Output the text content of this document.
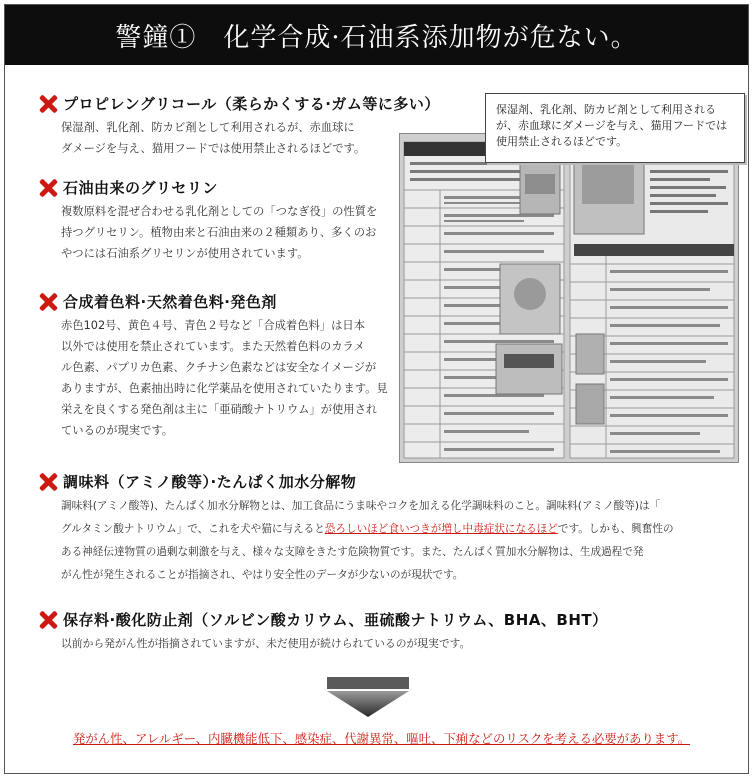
警鐘①　化学合成·石油系添加物が危ない。
保湿剤、乳化剤、防カビ剤として利用されるが、赤血球にダメージを与え、猫用フードでは使用禁止されるほどです。
プロピレングリコール（柔らかくする·ガム等に多い）
保湿剤、乳化剤、防カビ剤として利用されるが、赤血球に
ダメージを与え、猫用フードでは使用禁止されるほどです。
石油由来のグリセリン
複数原料を混ぜ合わせる乳化剤としての「つなぎ役」の性質を
持つグリセリン。植物由来と石油由来の２種類あり、多くのお
やつには石油系グリセリンが使用されています。
合成着色料·天然着色料·発色剤
赤色102号、黄色４号、青色２号など「合成着色料」は日本
以外では使用を禁止されています。また天然着色料のカラメ
ル色素、パプリカ色素、クチナシ色素などは安全なイメージが
ありますが、色素抽出時に化学薬品を使用されていたります。見
栄えを良くする発色剤は主に「亜硝酸ナトリウム」が使用され
ているのが現実です。
調味料（アミノ酸等）·たんぱく加水分解物
調味料(アミノ酸等)、たんぱく加水分解物とは、加工食品にうま味やコクを加える化学調味料のこと。調味料(アミノ酸等)は「
グルタミン酸ナトリウム」で、これを犬や猫に与えると恐ろしいほど食いつきが増し中毒症状になるほどです。しかも、興奮性の
ある神経伝達物質の過剰な刺激を与え、様々な支障をきたす危険物質です。また、たんぱく質加水分解物は、生成過程で発
がん性が発生されることが指摘され、やはり安全性のデータが少ないのが現状です。
保存料·酸化防止剤（ソルビン酸カリウム、亜硫酸ナトリウム、BHA、BHT）
以前から発がん性が指摘されていますが、未だ使用が続けられているのが現実です。
発がん性、アレルギー、内臓機能低下、感染症、代謝異常、嘔吐、下痢などのリスクを考える必要があります。
